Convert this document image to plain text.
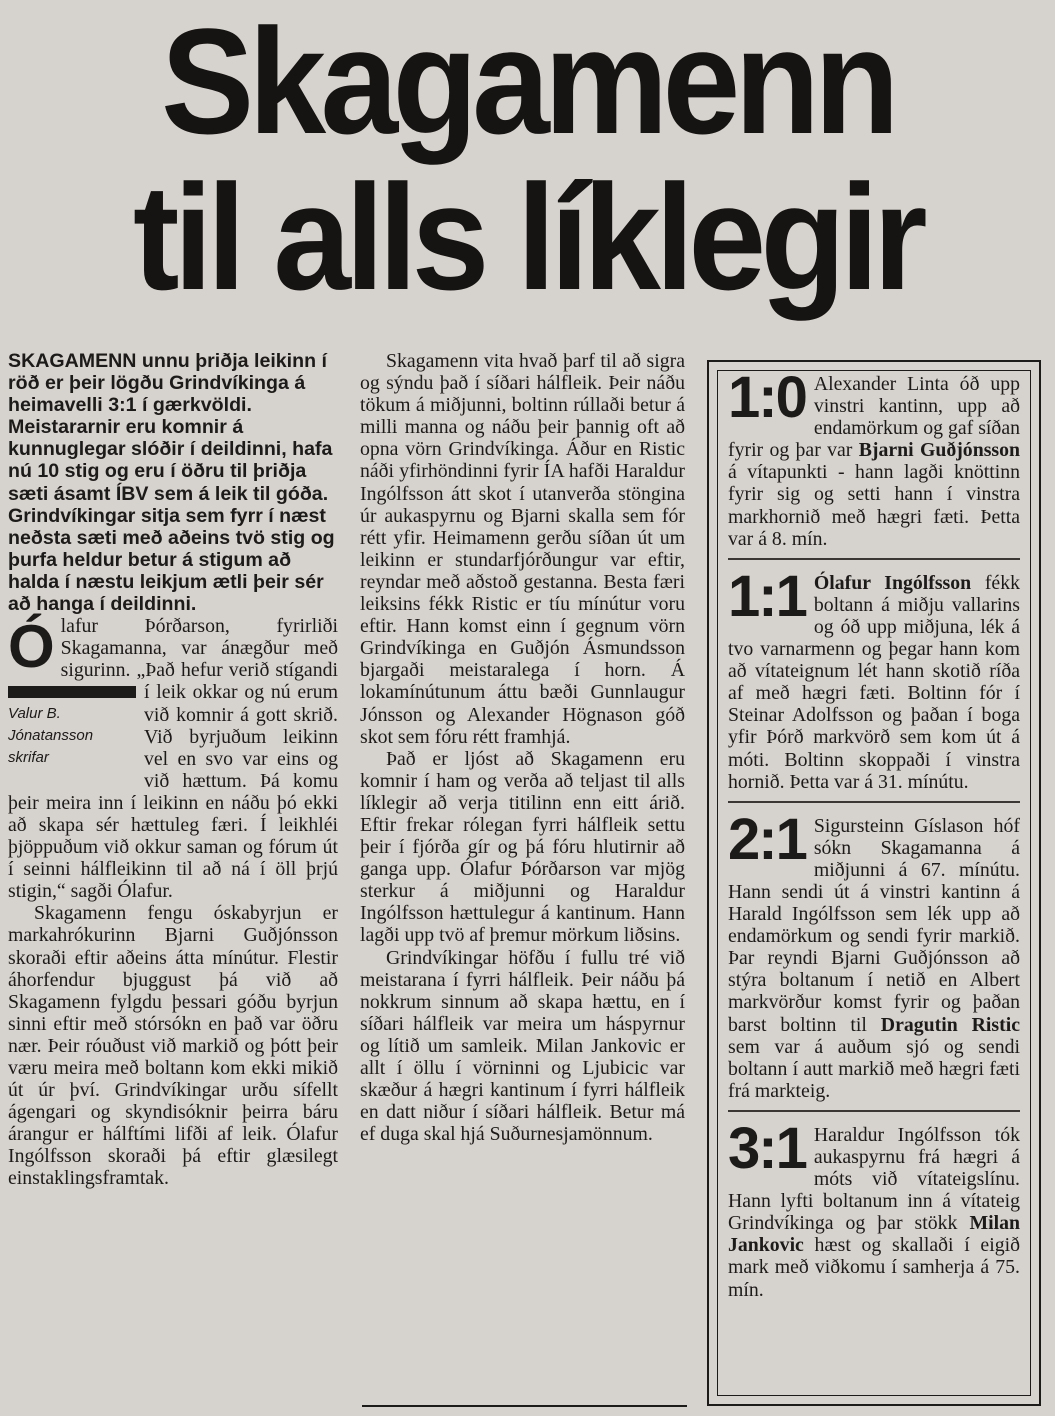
Skagamenn
til alls líklegir

SKAGAMENN unnu þriðja leikinn í röð er þeir lögðu Grindvíkinga á heimavelli 3:1 í gærkvöldi. Meistararnir eru komnir á kunnuglegar slóðir í deildinni, hafa nú 10 stig og eru í öðru til þriðja sæti ásamt ÍBV sem á leik til góða. Grindvíkingar sitja sem fyrr í næst neðsta sæti með aðeins tvö stig og þurfa heldur betur á stigum að halda í næstu leikjum ætli þeir sér að hanga í deildinni.

Ólafur Þórðarson, fyrirliði Skagamanna, var ánægður með sigurinn. „Það hefur verið stígandi í leik okkar og nú erum
Valur B.
Jónatansson
skrifar
við komnir á gott skrið. Við byrjuðum leikinn vel en svo var eins og við hættum. Þá komu þeir meira inn í leikinn en náðu þó ekki að skapa sér hættuleg færi. Í leikhléi þjöppuðum við okkur saman og fórum út í seinni hálfleikinn til að ná í öll þrjú stigin,“ sagði Ólafur.

Skagamenn fengu óskabyrjun er markahrókurinn Bjarni Guðjónsson skoraði eftir aðeins átta mínútur. Flestir áhorfendur bjuggust þá við að Skagamenn fylgdu þessari góðu byrjun sinni eftir með stórsókn en það var öðru nær. Þeir róuðust við markið og þótt þeir væru meira með boltann kom ekki mikið út úr því. Grindvíkingar urðu sífellt ágengari og skyndisóknir þeirra báru árangur er hálftími lifði af leik. Ólafur Ingólfsson skoraði þá eftir glæsilegt einstaklingsframtak.

Skagamenn vita hvað þarf til að sigra og sýndu það í síðari hálfleik. Þeir náðu tökum á miðjunni, boltinn rúllaði betur á milli manna og náðu þeir þannig oft að opna vörn Grindvíkinga. Áður en Ristic náði yfirhöndinni fyrir ÍA hafði Haraldur Ingólfsson átt skot í utanverða stöngina úr aukaspyrnu og Bjarni skalla sem fór rétt yfir. Heimamenn gerðu síðan út um leikinn er stundarfjórðungur var eftir, reyndar með aðstoð gestanna. Besta færi leiksins fékk Ristic er tíu mínútur voru eftir. Hann komst einn í gegnum vörn Grindvíkinga en Guðjón Ásmundsson bjargaði meistaralega í horn. Á lokamínútunum áttu bæði Gunnlaugur Jónsson og Alexander Högnason góð skot sem fóru rétt framhjá.

Það er ljóst að Skagamenn eru komnir í ham og verða að teljast til alls líklegir að verja titilinn enn eitt árið. Eftir frekar rólegan fyrri hálfleik settu þeir í fjórða gír og þá fóru hlutirnir að ganga upp. Ólafur Þórðarson var mjög sterkur á miðjunni og Haraldur Ingólfsson hættulegur á kantinum. Hann lagði upp tvö af þremur mörkum liðsins.

Grindvíkingar höfðu í fullu tré við meistarana í fyrri hálfleik. Þeir náðu þá nokkrum sinnum að skapa hættu, en í síðari hálfleik var meira um háspyrnur og lítið um samleik. Milan Jankovic er allt í öllu í vörninni og Ljubicic var skæður á hægri kantinum í fyrri hálfleik en datt niður í síðari hálfleik. Betur má ef duga skal hjá Suðurnesjamönnum.

1:0 Alexander Linta óð upp vinstri kantinn, upp að endamörkum og gaf síðan fyrir og þar var Bjarni Guðjónsson á vítapunkti - hann lagði knöttinn fyrir sig og setti hann í vinstra markhornið með hægri fæti. Þetta var á 8. mín.
1:1 Ólafur Ingólfsson fékk boltann á miðju vallarins og óð upp miðjuna, lék á tvo varnarmenn og þegar hann kom að vítateignum lét hann skotið ríða af með hægri fæti. Boltinn fór í Steinar Adolfsson og þaðan í boga yfir Þórð markvörð sem kom út á móti. Boltinn skoppaði í vinstra hornið. Þetta var á 31. mínútu.
2:1 Sigursteinn Gíslason hóf sókn Skagamanna á miðjunni á 67. mínútu. Hann sendi út á vinstri kantinn á Harald Ingólfsson sem lék upp að endamörkum og sendi fyrir markið. Þar reyndi Bjarni Guðjónsson að stýra boltanum í netið en Albert markvörður komst fyrir og þaðan barst boltinn til Dragutin Ristic sem var á auðum sjó og sendi boltann í autt markið með hægri fæti frá markteig.
3:1 Haraldur Ingólfsson tók aukaspyrnu frá hægri á móts við vítateigslínu. Hann lyfti boltanum inn á vítateig Grindvíkinga og þar stökk Milan Jankovic hæst og skallaði í eigið mark með viðkomu í samherja á 75. mín.
